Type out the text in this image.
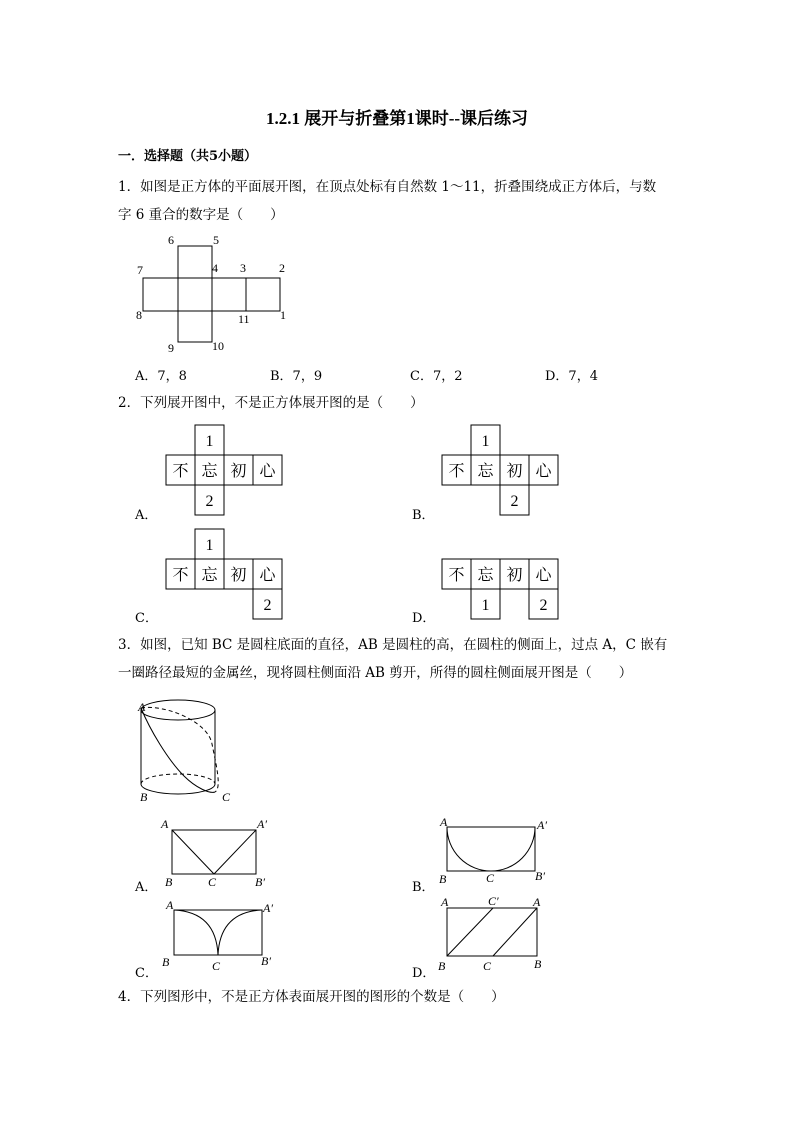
1.2.1 展开与折叠第1课时--课后练习
一．选择题（共5小题）
1．如图是正方体的平面展开图，在顶点处标有自然数 1～11，折叠围绕成正方体后，与数
字 6 重合的数字是（　　）
6	5
7	4 3	2
8	11	1
9	10
A．7，8	B．7，9	C．7，2	D．7，4
2．下列展开图中，不是正方体展开图的是（　　）
1
不 忘 初 心
2
A．
1
不 忘 初 心
2
B．
1
不 忘 初 心
2
C．
不 忘 初 心
1	2
D．
3．如图，已知 BC 是圆柱底面的直径，AB 是圆柱的高，在圆柱的侧面上，过点 A，C 嵌有
一圈路径最短的金属丝，现将圆柱侧面沿 AB 剪开，所得的圆柱侧面展开图是（　　）
A
B	C
A	A′
B	C	B′
A．
A	A′
B	C	B′
B．
A	A′
B	C	B′
C．
A	C′	A
B	C	B
D．
4．下列图形中，不是正方体表面展开图的图形的个数是（　　）
